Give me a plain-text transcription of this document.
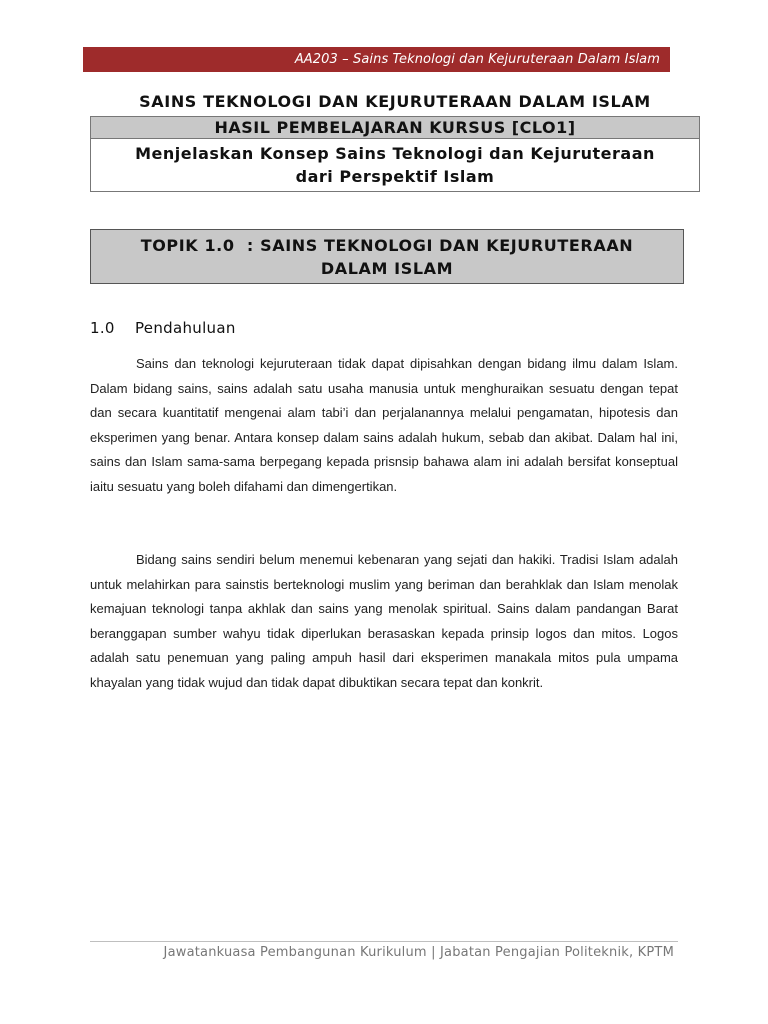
AA203 – Sains Teknologi dan Kejuruteraan Dalam Islam
SAINS TEKNOLOGI DAN KEJURUTERAAN DALAM ISLAM
HASIL PEMBELAJARAN KURSUS [CLO1]
Menjelaskan Konsep Sains Teknologi dan Kejuruteraan
dari Perspektif Islam
TOPIK 1.0  : SAINS TEKNOLOGI DAN KEJURUTERAAN
DALAM ISLAM
1.0	Pendahuluan

Sains dan teknologi kejuruteraan tidak dapat dipisahkan dengan bidang ilmu dalam Islam. Dalam bidang sains, sains adalah satu usaha manusia untuk menghuraikan sesuatu dengan tepat dan secara kuantitatif mengenai alam tabi’i dan perjalanannya melalui pengamatan, hipotesis dan eksperimen yang benar. Antara konsep dalam sains adalah hukum, sebab dan akibat. Dalam hal ini, sains dan Islam sama-sama berpegang kepada prisnsip bahawa alam ini adalah bersifat konseptual iaitu sesuatu yang boleh difahami dan dimengertikan.

Bidang sains sendiri belum menemui kebenaran yang sejati dan hakiki. Tradisi Islam adalah untuk melahirkan para sainstis berteknologi muslim yang beriman dan berahklak dan Islam menolak kemajuan teknologi tanpa akhlak dan sains yang menolak spiritual. Sains dalam pandangan Barat beranggapan sumber wahyu tidak diperlukan berasaskan kepada prinsip logos dan mitos. Logos adalah satu penemuan yang paling ampuh hasil dari eksperimen manakala mitos pula umpama khayalan yang tidak wujud dan tidak dapat dibuktikan secara tepat dan konkrit.

Jawatankuasa Pembangunan Kurikulum | Jabatan Pengajian Politeknik, KPTM
